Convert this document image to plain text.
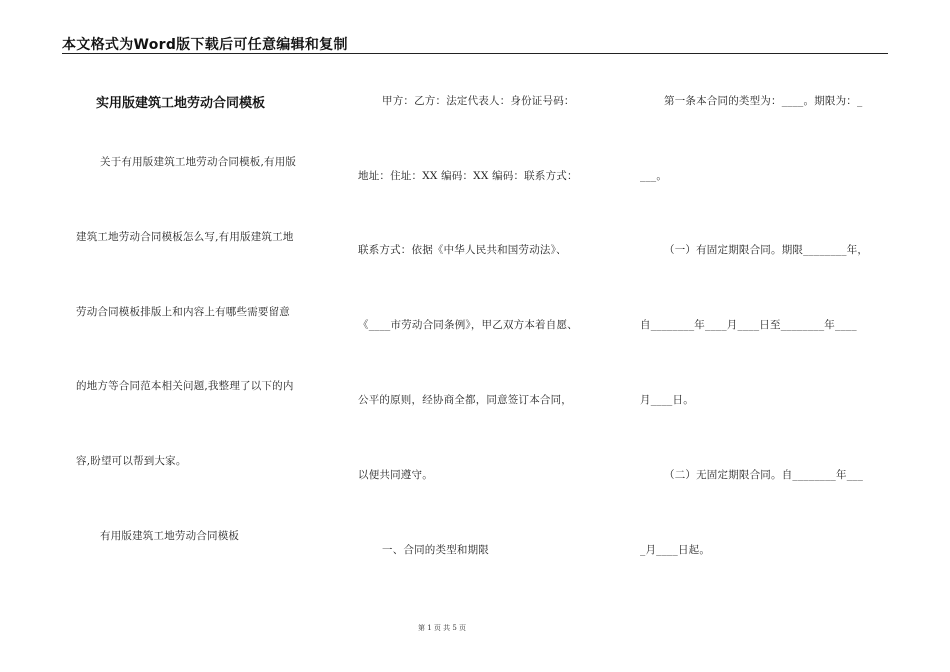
本文格式为Word版下载后可任意编辑和复制
实用版建筑工地劳动合同模板
关于有用版建筑工地劳动合同模板,有用版
建筑工地劳动合同模板怎么写,有用版建筑工地
劳动合同模板排版上和内容上有哪些需要留意
的地方等合同范本相关问题,我整理了以下的内
容,盼望可以帮到大家。
有用版建筑工地劳动合同模板
甲方：乙方：法定代表人：身份证号码：
地址：住址：XX 编码：XX 编码：联系方式：
联系方式：依据《中华人民共和国劳动法》、
《____市劳动合同条例》，甲乙双方本着自愿、
公平的原则，经协商全都，同意签订本合同，
以便共同遵守。
一、合同的类型和期限
第一条本合同的类型为：____。期限为：_
___。
（一）有固定期限合同。期限________年，
自________年____月____日至________年____
月____日。
（二）无固定期限合同。自________年___
_月____日起。
第 1 页 共 5 页
